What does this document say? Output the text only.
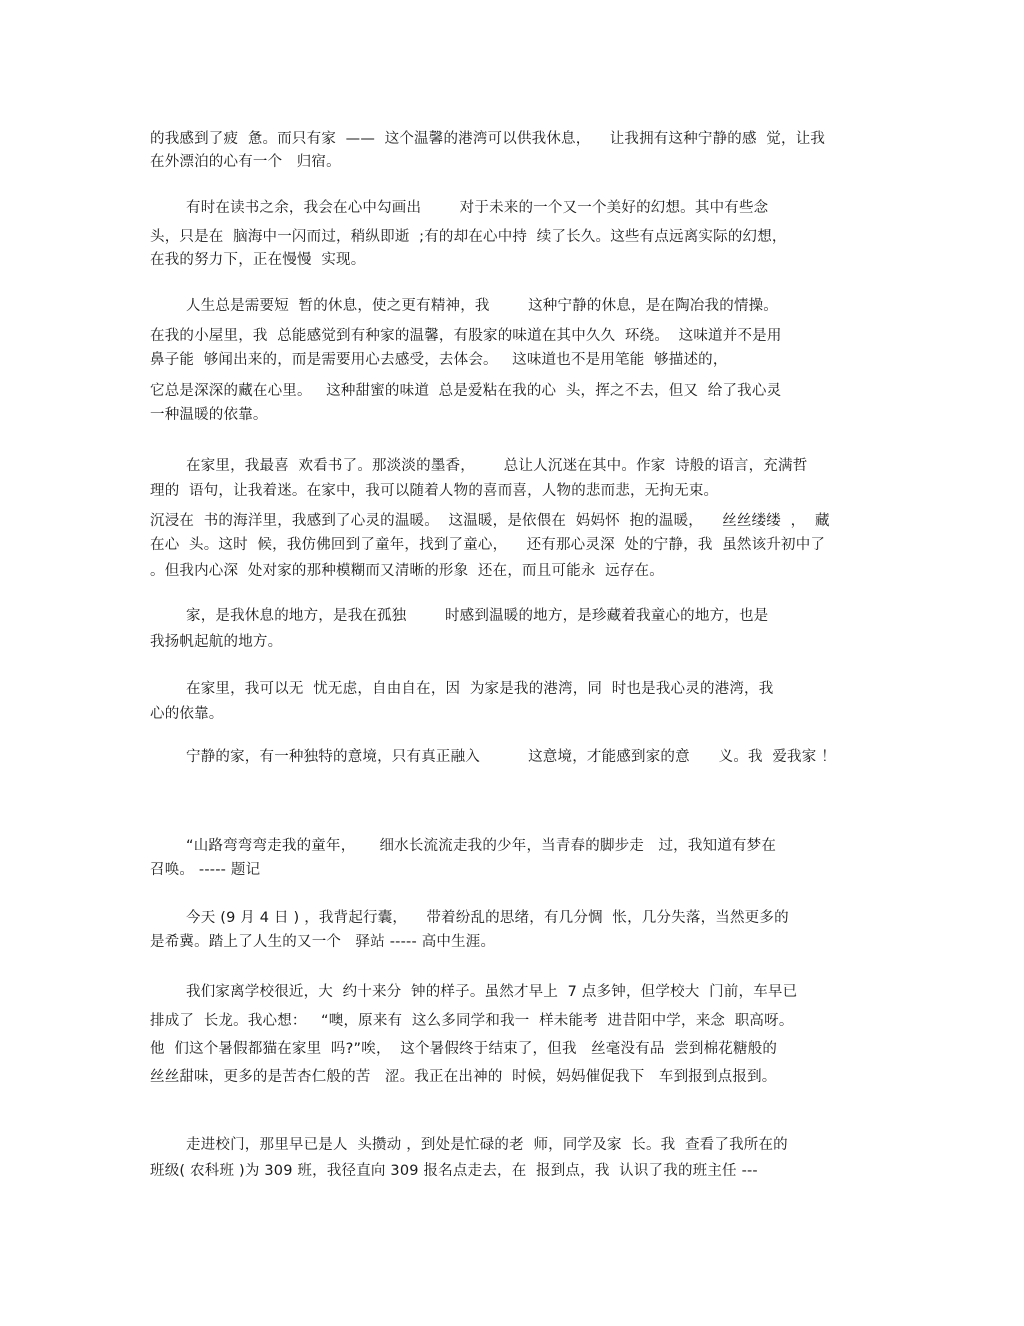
的我感到了疲  惫。而只有家  ——  这个温馨的港湾可以供我休息，    让我拥有这种宁静的感  觉，让我
在外漂泊的心有一个   归宿。
有时在读书之余，我会在心中勾画出        对于未来的一个又一个美好的幻想。其中有些念
头，只是在  脑海中一闪而过，稍纵即逝  ;有的却在心中持  续了长久。这些有点远离实际的幻想，
在我的努力下，正在慢慢  实现。
人生总是需要短  暂的休息，使之更有精神，我        这种宁静的休息，是在陶冶我的情操。
在我的小屋里，我  总能感觉到有种家的温馨，有股家的味道在其中久久  环绕。  这味道并不是用
鼻子能  够闻出来的，而是需要用心去感受，去体会。   这味道也不是用笔能  够描述的，
它总是深深的藏在心里。   这种甜蜜的味道  总是爱粘在我的心  头，挥之不去，但又  给了我心灵
一种温暖的依靠。
在家里，我最喜  欢看书了。那淡淡的墨香，      总让人沉迷在其中。作家  诗般的语言，充满哲
理的  语句，让我着迷。在家中，我可以随着人物的喜而喜，人物的悲而悲，无拘无束。
沉浸在  书的海洋里，我感到了心灵的温暖。  这温暖，是依偎在  妈妈怀  抱的温暖，    丝丝缕缕  ，  藏
在心  头。这时  候，我仿佛回到了童年，找到了童心，    还有那心灵深  处的宁静，我  虽然该升初中了
。但我内心深  处对家的那种模糊而又清晰的形象  还在，而且可能永  远存在。
家，是我休息的地方，是我在孤独        时感到温暖的地方，是珍藏着我童心的地方，也是
我扬帆起航的地方。
在家里，我可以无  忧无虑，自由自在，因  为家是我的港湾，同  时也是我心灵的港湾，我
心的依靠。
宁静的家，有一种独特的意境，只有真正融入          这意境，才能感到家的意      义。我  爱我家 ！
“山路弯弯弯走我的童年，     细水长流流走我的少年，当青春的脚步走   过，我知道有梦在
召唤。 ----- 题记
今天 (9 月 4 日 ) ，我背起行囊，    带着纷乱的思绪，有几分惆  怅，几分失落，当然更多的
是希冀。踏上了人生的又一个   驿站 ----- 高中生涯。
我们家离学校很近，大  约十来分  钟的样子。虽然才早上  7 点多钟，但学校大  门前，车早已
排成了  长龙。我心想：   “噢，原来有  这么多同学和我一  样未能考  进昔阳中学，来念  职高呀。
他  们这个暑假都猫在家里  吗?”唉，  这个暑假终于结束了，但我   丝毫没有品  尝到棉花糖般的
丝丝甜味，更多的是苦杏仁般的苦   涩。我正在出神的  时候，妈妈催促我下   车到报到点报到。
走进校门，那里早已是人  头攒动 ，到处是忙碌的老  师，同学及家  长。我  查看了我所在的
班级( 农科班 )为 309 班，我径直向 309 报名点走去，在  报到点，我  认识了我的班主任 ---
